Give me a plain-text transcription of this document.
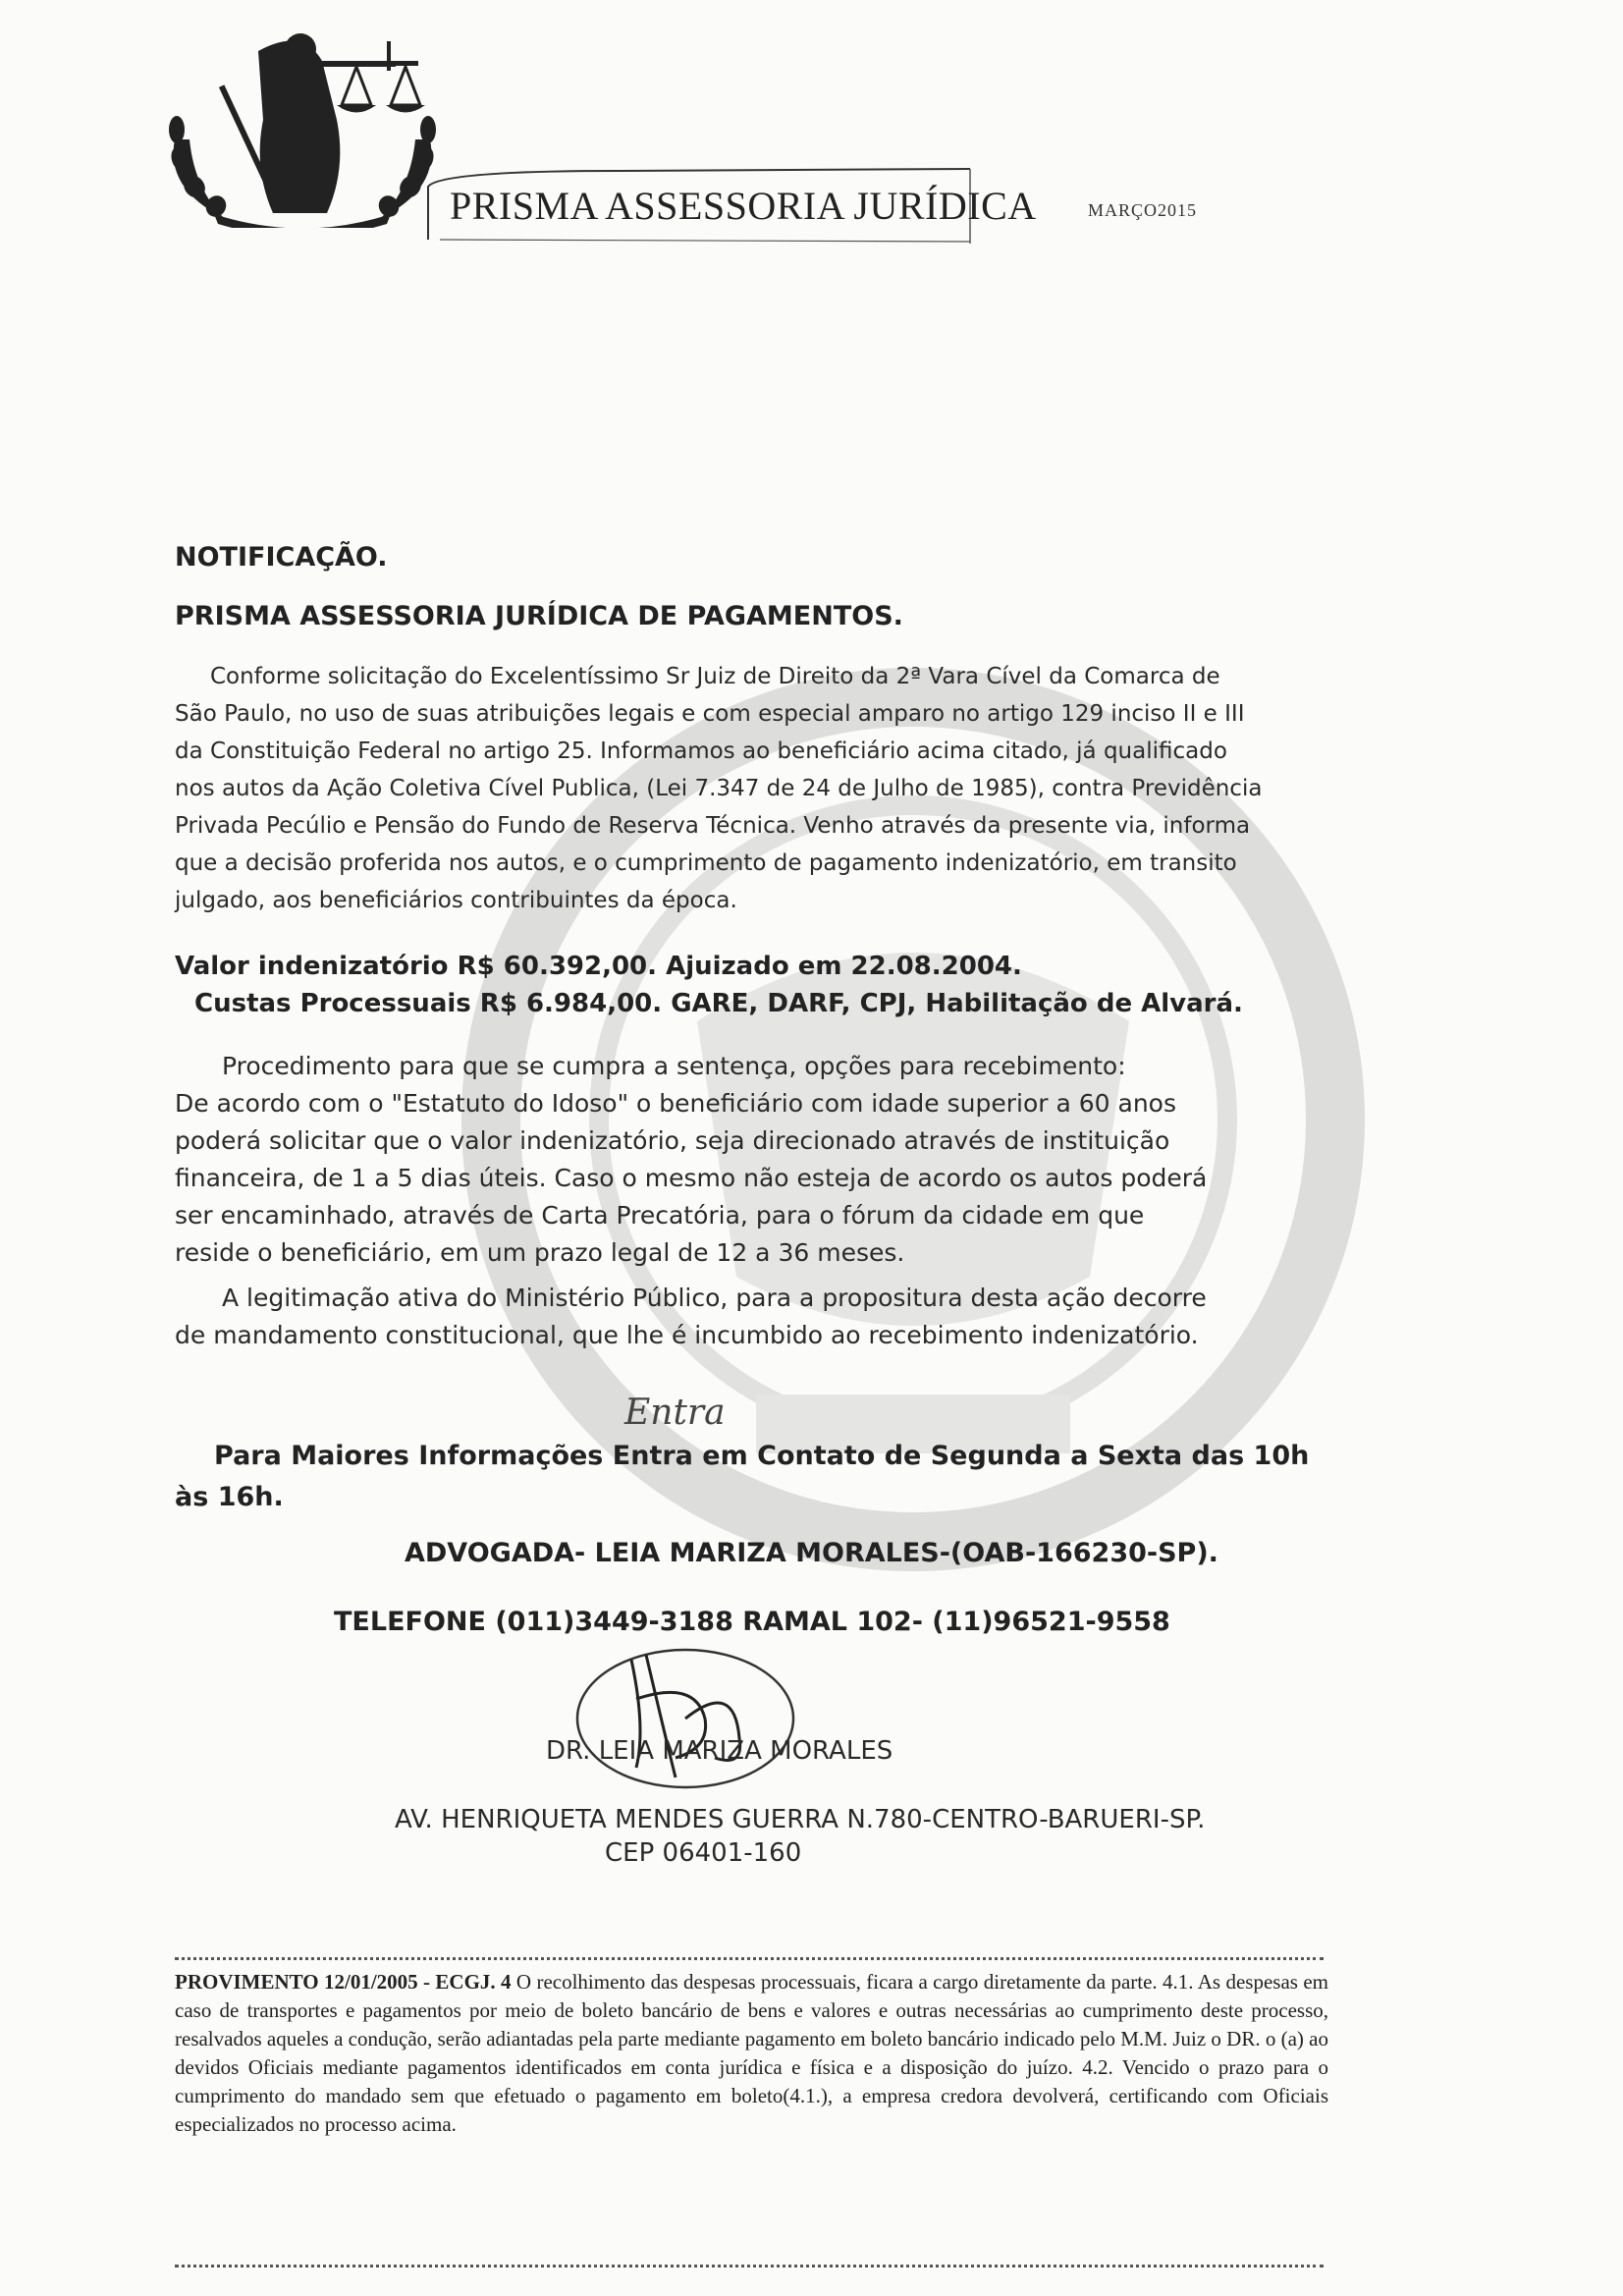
PRISMA ASSESSORIA JURÍDICA	MARÇO2015
NOTIFICAÇÃO.
PRISMA ASSESSORIA JURÍDICA DE PAGAMENTOS.

Conforme solicitação do Excelentíssimo Sr Juiz de Direito da 2ª Vara Cível da Comarca de

São Paulo, no uso de suas atribuições legais e com especial amparo no artigo 129 inciso II e III

da Constituição Federal no artigo 25. Informamos ao beneficiário acima citado, já qualificado

nos autos da Ação Coletiva Cível Publica, (Lei 7.347 de 24 de Julho de 1985), contra Previdência

Privada Pecúlio e Pensão do Fundo de Reserva Técnica. Venho através da presente via, informa

que a decisão proferida nos autos, e o cumprimento de pagamento indenizatório, em transito

julgado, aos beneficiários contribuintes da época.

Valor indenizatório R$ 60.392,00. Ajuizado em 22.08.2004.
Custas Processuais R$ 6.984,00. GARE, DARF, CPJ, Habilitação de Alvará.
Procedimento para que se cumpra a sentença, opções para recebimento:
De acordo com o "Estatuto do Idoso" o beneficiário com idade superior a 60 anos
poderá solicitar que o valor indenizatório, seja direcionado através de instituição
financeira, de 1 a 5 dias úteis. Caso o mesmo não esteja de acordo os autos poderá
ser encaminhado, através de Carta Precatória, para o fórum da cidade em que
reside o beneficiário, em um prazo legal de 12 a 36 meses.
A legitimação ativa do Ministério Público, para a propositura desta ação decorre
de mandamento constitucional, que lhe é incumbido ao recebimento indenizatório.
Entra
Para Maiores Informações Entra em Contato de Segunda a Sexta das 10h
às 16h.
ADVOGADA- LEIA MARIZA MORALES-(OAB-166230-SP).
TELEFONE (011)3449-3188 RAMAL 102- (11)96521-9558
DR. LEIA MARIZA MORALES
AV. HENRIQUETA MENDES GUERRA N.780-CENTRO-BARUERI-SP.
CEP 06401-160
PROVIMENTO 12/01/2005 - ECGJ. 4 O recolhimento das despesas processuais, ficara a cargo diretamente da parte. 4.1. As despesas em caso de transportes e pagamentos por meio de boleto bancário de bens e valores e outras necessárias ao cumprimento deste processo, resalvados aqueles a condução, serão adiantadas pela parte mediante pagamento em boleto bancário indicado pelo M.M. Juiz o DR. o (a) ao devidos Oficiais mediante pagamentos identificados em conta jurídica e física e a disposição do juízo. 4.2. Vencido o prazo para o cumprimento do mandado sem que efetuado o pagamento em boleto(4.1.), a empresa credora devolverá, certificando com Oficiais especializados no processo acima.
